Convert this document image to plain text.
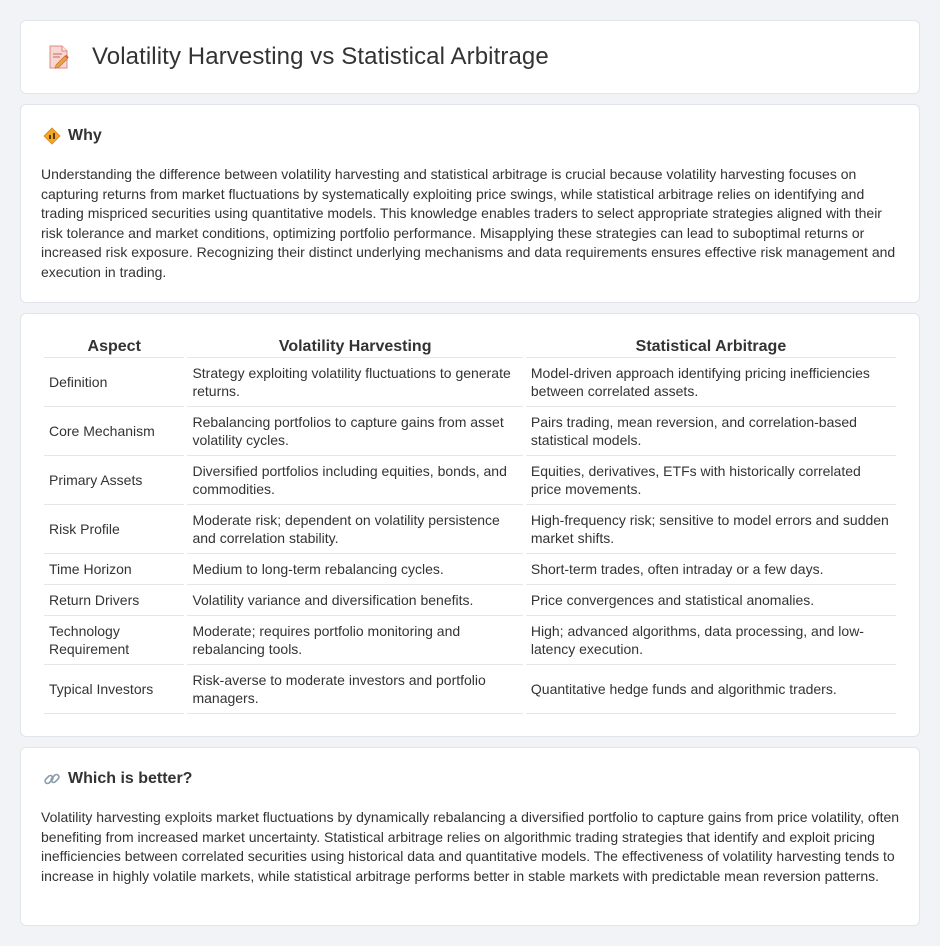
Volatility Harvesting vs Statistical Arbitrage
Why

Understanding the difference between volatility harvesting and statistical arbitrage is crucial because volatility harvesting focuses on capturing returns from market fluctuations by systematically exploiting price swings, while statistical arbitrage relies on identifying and trading mispriced securities using quantitative models. This knowledge enables traders to select appropriate strategies aligned with their risk tolerance and market conditions, optimizing portfolio performance. Misapplying these strategies can lead to suboptimal returns or increased risk exposure. Recognizing their distinct underlying mechanisms and data requirements ensures effective risk management and execution in trading.

Aspect	Volatility Harvesting	Statistical Arbitrage
Definition	Strategy exploiting volatility fluctuations to generate returns.	Model-driven approach identifying pricing inefficiencies between correlated assets.
Core Mechanism	Rebalancing portfolios to capture gains from asset volatility cycles.	Pairs trading, mean reversion, and correlation-based statistical models.
Primary Assets	Diversified portfolios including equities, bonds, and commodities.	Equities, derivatives, ETFs with historically correlated price movements.
Risk Profile	Moderate risk; dependent on volatility persistence and correlation stability.	High-frequency risk; sensitive to model errors and sudden market shifts.
Time Horizon	Medium to long-term rebalancing cycles.	Short-term trades, often intraday or a few days.
Return Drivers	Volatility variance and diversification benefits.	Price convergences and statistical anomalies.
Technology Requirement	Moderate; requires portfolio monitoring and rebalancing tools.	High; advanced algorithms, data processing, and low-latency execution.
Typical Investors	Risk-averse to moderate investors and portfolio managers.	Quantitative hedge funds and algorithmic traders.
Which is better?

Volatility harvesting exploits market fluctuations by dynamically rebalancing a diversified portfolio to capture gains from price volatility, often benefiting from increased market uncertainty. Statistical arbitrage relies on algorithmic trading strategies that identify and exploit pricing inefficiencies between correlated securities using historical data and quantitative models. The effectiveness of volatility harvesting tends to increase in highly volatile markets, while statistical arbitrage performs better in stable markets with predictable mean reversion patterns.
